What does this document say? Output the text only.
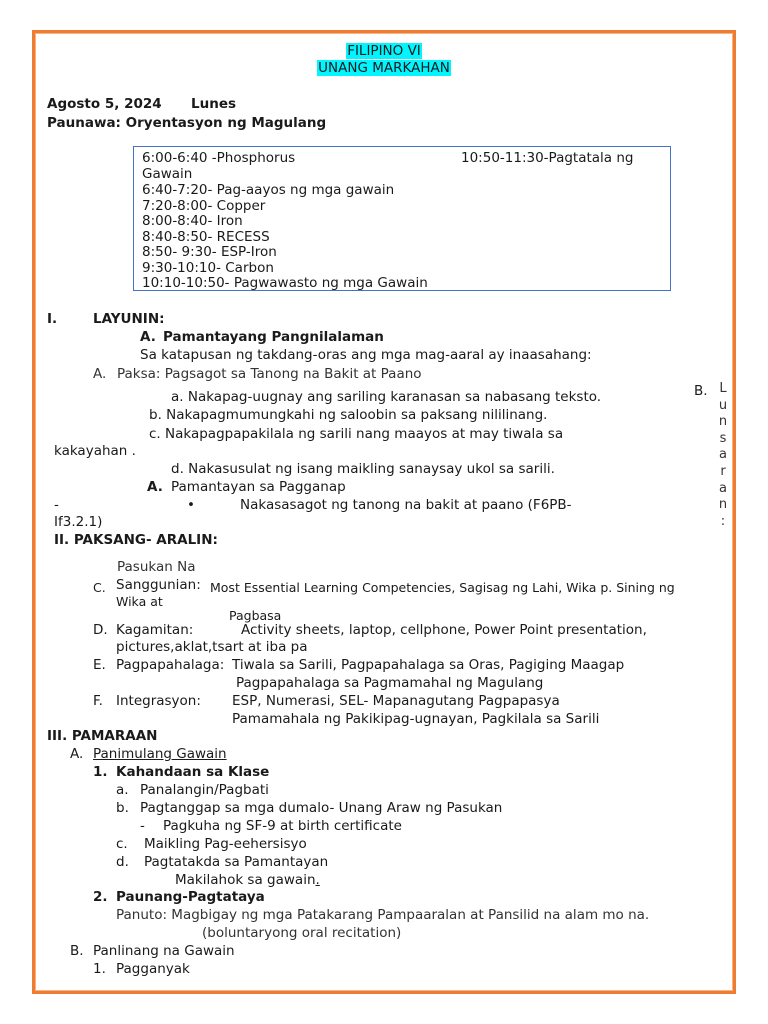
FILIPINO VI
UNANG MARKAHAN
Agosto 5, 2024 Lunes
Paunawa: Oryentasyon ng Magulang
6:00-6:40 -Phosphorus	10:50-11:30-Pagtatala ng
Gawain
6:40-7:20- Pag-aayos ng mga gawain
7:20-8:00- Copper
8:00-8:40- Iron
8:40-8:50- RECESS
8:50- 9:30- ESP-Iron
9:30-10:10- Carbon
10:10-10:50- Pagwawasto ng mga Gawain
I.	LAYUNIN:
A. Pamantayang Pangnilalaman
Sa katapusan ng takdang-oras ang mga mag-aaral ay inaasahang:
A. Paksa: Pagsagot sa Tanong na Bakit at Paano
a. Nakapag-uugnay ang sariling karanasan sa nabasang teksto.
b. Nakapagmumungkahi ng saloobin sa paksang nililinang.
c. Nakapagpapakilala ng sarili nang maayos at may tiwala sa
kakayahan .
d. Nakasusulat ng isang maikling sanaysay ukol sa sarili.
A. Pamantayan sa Pagganap
-	•	Nakasasagot ng tanong na bakit at paano (F6PB-
If3.2.1)
B. L
u
n
s
a
r
a
n
:
II. PAKSANG- ARALIN:
Pasukan Na
C. Sanggunian: Most Essential Learning Competencies, Sagisag ng Lahi, Wika p. Sining ng
Wika at
Pagbasa
D. Kagamitan:	Activity sheets, laptop, cellphone, Power Point presentation,
pictures,aklat,tsart at iba pa
E. Pagpapahalaga: Tiwala sa Sarili, Pagpapahalaga sa Oras, Pagiging Maagap
Pagpapahalaga sa Pagmamahal ng Magulang
F. Integrasyon: ESP, Numerasi, SEL- Mapanagutang Pagpapasya
Pamamahala ng Pakikipag-ugnayan, Pagkilala sa Sarili
III. PAMARAAN
A. Panimulang Gawain
1. Kahandaan sa Klase
a. Panalangin/Pagbati
b. Pagtanggap sa mga dumalo- Unang Araw ng Pasukan
- Pagkuha ng SF-9 at birth certificate
c. Maikling Pag-eehersisyo
d. Pagtatakda sa Pamantayan
Makilahok sa gawain.
2. Paunang-Pagtataya
Panuto: Magbigay ng mga Patakarang Pampaaralan at Pansilid na alam mo na.
(boluntaryong oral recitation)
B. Panlinang na Gawain
1. Pagganyak
